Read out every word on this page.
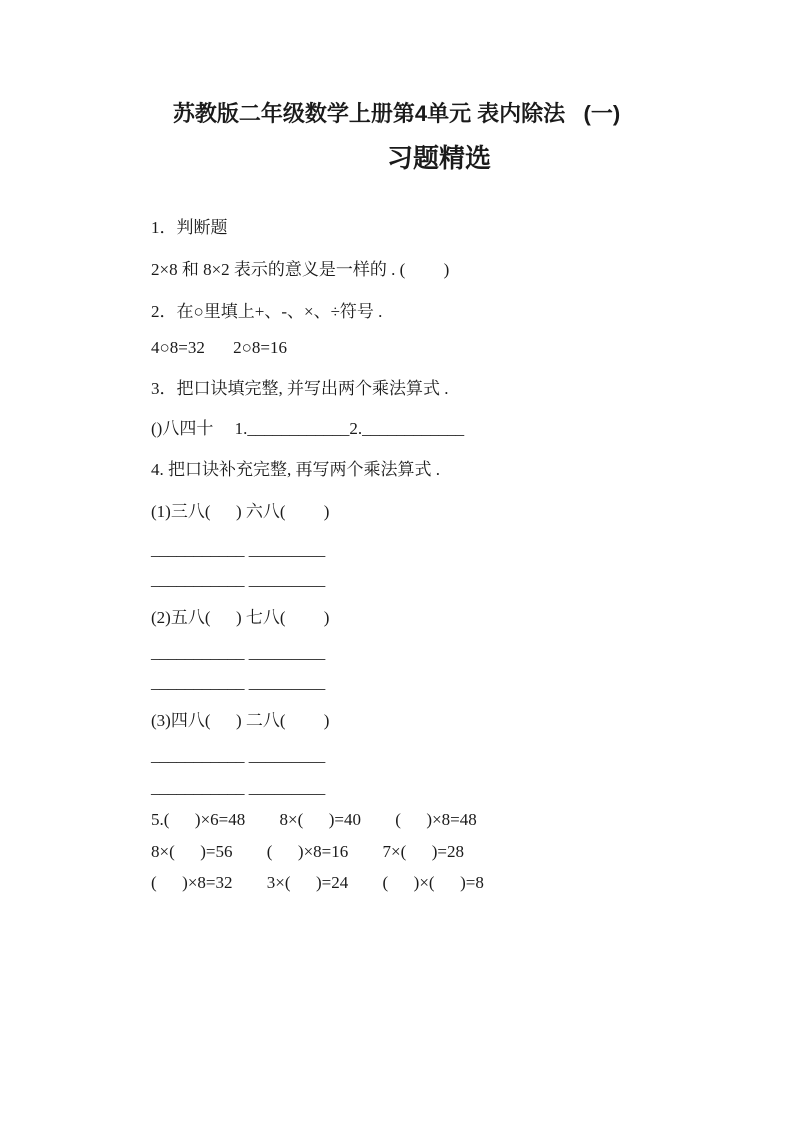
苏教版二年级数学上册第4单元 表内除法   (一)
习题精选
1．判断题
2×8 和 8×2 表示的意义是一样的 . (         )
2．在○里填上+、-、×、÷符号 .
4○8=32 2○8=16
3．把口诀填完整, 并写出两个乘法算式 .
()八四十     1.____________2.____________
4. 把口诀补充完整, 再写两个乘法算式 .
(1)三八(      ) 六八(         )
___________ _________
___________ _________
(2)五八(      ) 七八(         )
___________ _________
___________ _________
(3)四八(      ) 二八(         )
___________ _________
___________ _________
5.(      )×6=48 8×(      )=40 (      )×8=48
8×(      )=56 (      )×8=16 7×(      )=28
(      )×8=32 3×(      )=24 (      )×(      )=8
